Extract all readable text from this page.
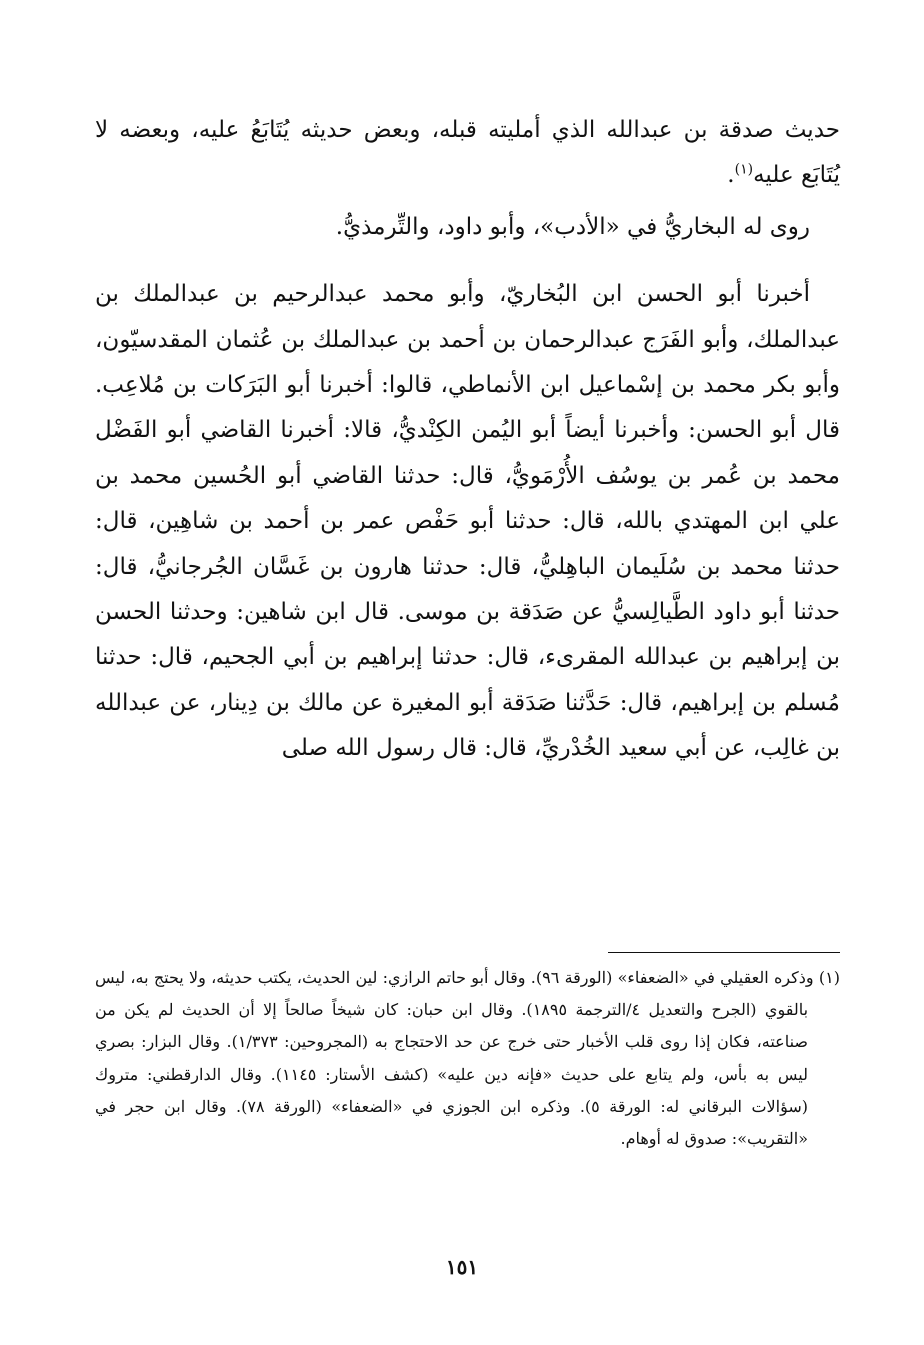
حديث صدقة بن عبدالله الذي أمليته قبله، وبعض حديثه يُتَابَعُ عليه، وبعضه لا يُتَابَع عليه$^{(١)}$.

روى له البخاريُّ في «الأدب»، وأبو داود، والتِّرمذيُّ.

أخبرنا أبو الحسن ابن البُخاريّ، وأبو محمد عبدالرحيم بن عبدالملك بن عبدالملك، وأبو الفَرَج عبدالرحمان بن أحمد بن عبدالملك بن عُثمان المقدسيّون، وأبو بكر محمد بن إسْماعيل ابن الأنماطي، قالوا: أخبرنا أبو البَرَكات بن مُلاعِب. قال أبو الحسن: وأخبرنا أيضاً أبو اليُمن الكِنْديُّ، قالا: أخبرنا القاضي أبو الفَضْل محمد بن عُمر بن يوسُف الأُرْمَويُّ، قال: حدثنا القاضي أبو الحُسين محمد بن علي ابن المهتدي بالله، قال: حدثنا أبو حَفْص عمر بن أحمد بن شاهِين، قال: حدثنا محمد بن سُلَيمان الباهِليُّ، قال: حدثنا هارون بن غَسَّان الجُرجانيُّ، قال: حدثنا أبو داود الطَّيالِسيُّ عن صَدَقة بن موسى. قال ابن شاهين: وحدثنا الحسن بن إبراهيم بن عبدالله المقرىء، قال: حدثنا إبراهيم بن أبي الجحيم، قال: حدثنا مُسلم بن إبراهيم، قال: حَدَّثنا صَدَقة أبو المغيرة عن مالك بن دِينار، عن عبدالله بن غالِب، عن أبي سعيد الخُدْريِّ، قال: قال رسول الله صلى

(١) وذكره العقيلي في «الضعفاء» (الورقة ٩٦). وقال أبو حاتم الرازي: لين الحديث، يكتب حديثه، ولا يحتج به، ليس بالقوي (الجرح والتعديل ٤/الترجمة ١٨٩٥). وقال ابن حبان: كان شيخاً صالحاً إلا أن الحديث لم يكن من صناعته، فكان إذا روى قلب الأخبار حتى خرج عن حد الاحتجاج به (المجروحين: ١/٣٧٣). وقال البزار: بصري ليس به بأس، ولم يتابع على حديث «فإنه دين عليه» (كشف الأستار: ١١٤٥). وقال الدارقطني: متروك (سؤالات البرقاني له: الورقة ٥). وذكره ابن الجوزي في «الضعفاء» (الورقة ٧٨). وقال ابن حجر في «التقريب»: صدوق له أوهام.

١٥١
